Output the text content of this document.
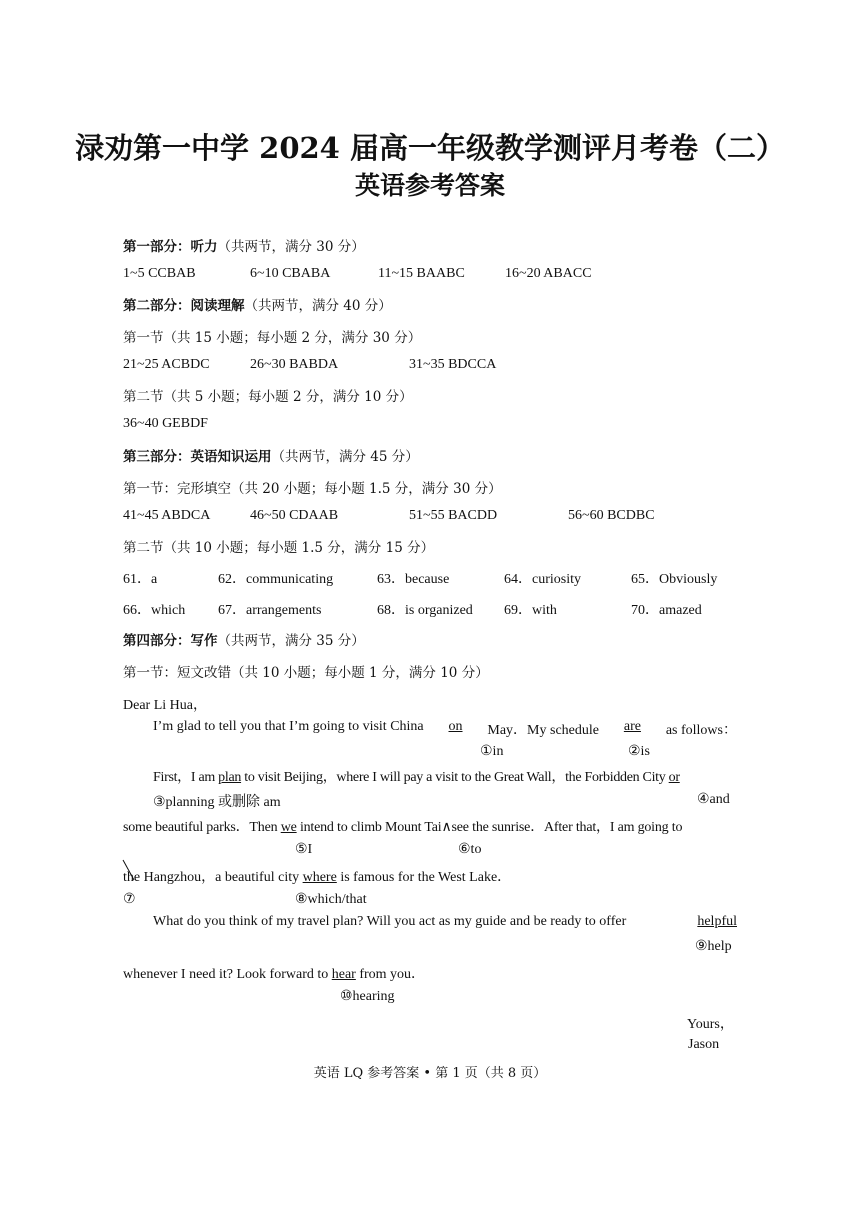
渌劝第一中学 2024 届高一年级教学测评月考卷（二）
英语参考答案
第一部分：听力（共两节，满分 30 分）
1~5 CCBAB	6~10 CBABA	11~15 BAABC	16~20 ABACC
第二部分：阅读理解（共两节，满分 40 分）
第一节（共 15 小题；每小题 2 分，满分 30 分）
21~25 ACBDC	26~30 BABDA	31~35 BDCCA
第二节（共 5 小题；每小题 2 分，满分 10 分）
36~40 GEBDF
第三部分：英语知识运用（共两节，满分 45 分）
第一节：完形填空（共 20 小题；每小题 1.5 分，满分 30 分）
41~45 ABDCA	46~50 CDAAB	51~55 BACDD	56~60 BCDBC
第二节（共 10 小题；每小题 1.5 分，满分 15 分）
61．a	62．communicating	63．because	64．curiosity	65．Obviously
66．which 67．arrangements	68．is organized 69．with	70．amazed
第四部分：写作（共两节，满分 35 分）
第一节：短文改错（共 10 小题；每小题 1 分，满分 10 分）
Dear Li Hua，
I’m glad to tell you that I’m going to visit China on May．My schedule are as follows：
①in	②is
First，I am plan to visit Beijing，where I will pay a visit to the Great Wall，the Forbidden City or
③planning 或删除 am	④and
some beautiful parks．Then we intend to climb Mount Tai∧see the sunrise．After that，I am going to
⑤I	⑥to
the Hangzhou，a beautiful city where is famous for the West Lake．
⑦	⑧which/that
What do you think of my travel plan? Will you act as my guide and be ready to offer	helpful
⑨help
whenever I need it? Look forward to hear from you．
⑩hearing
Yours，
Jason
英语 LQ 参考答案 • 第 1 页（共 8 页）
